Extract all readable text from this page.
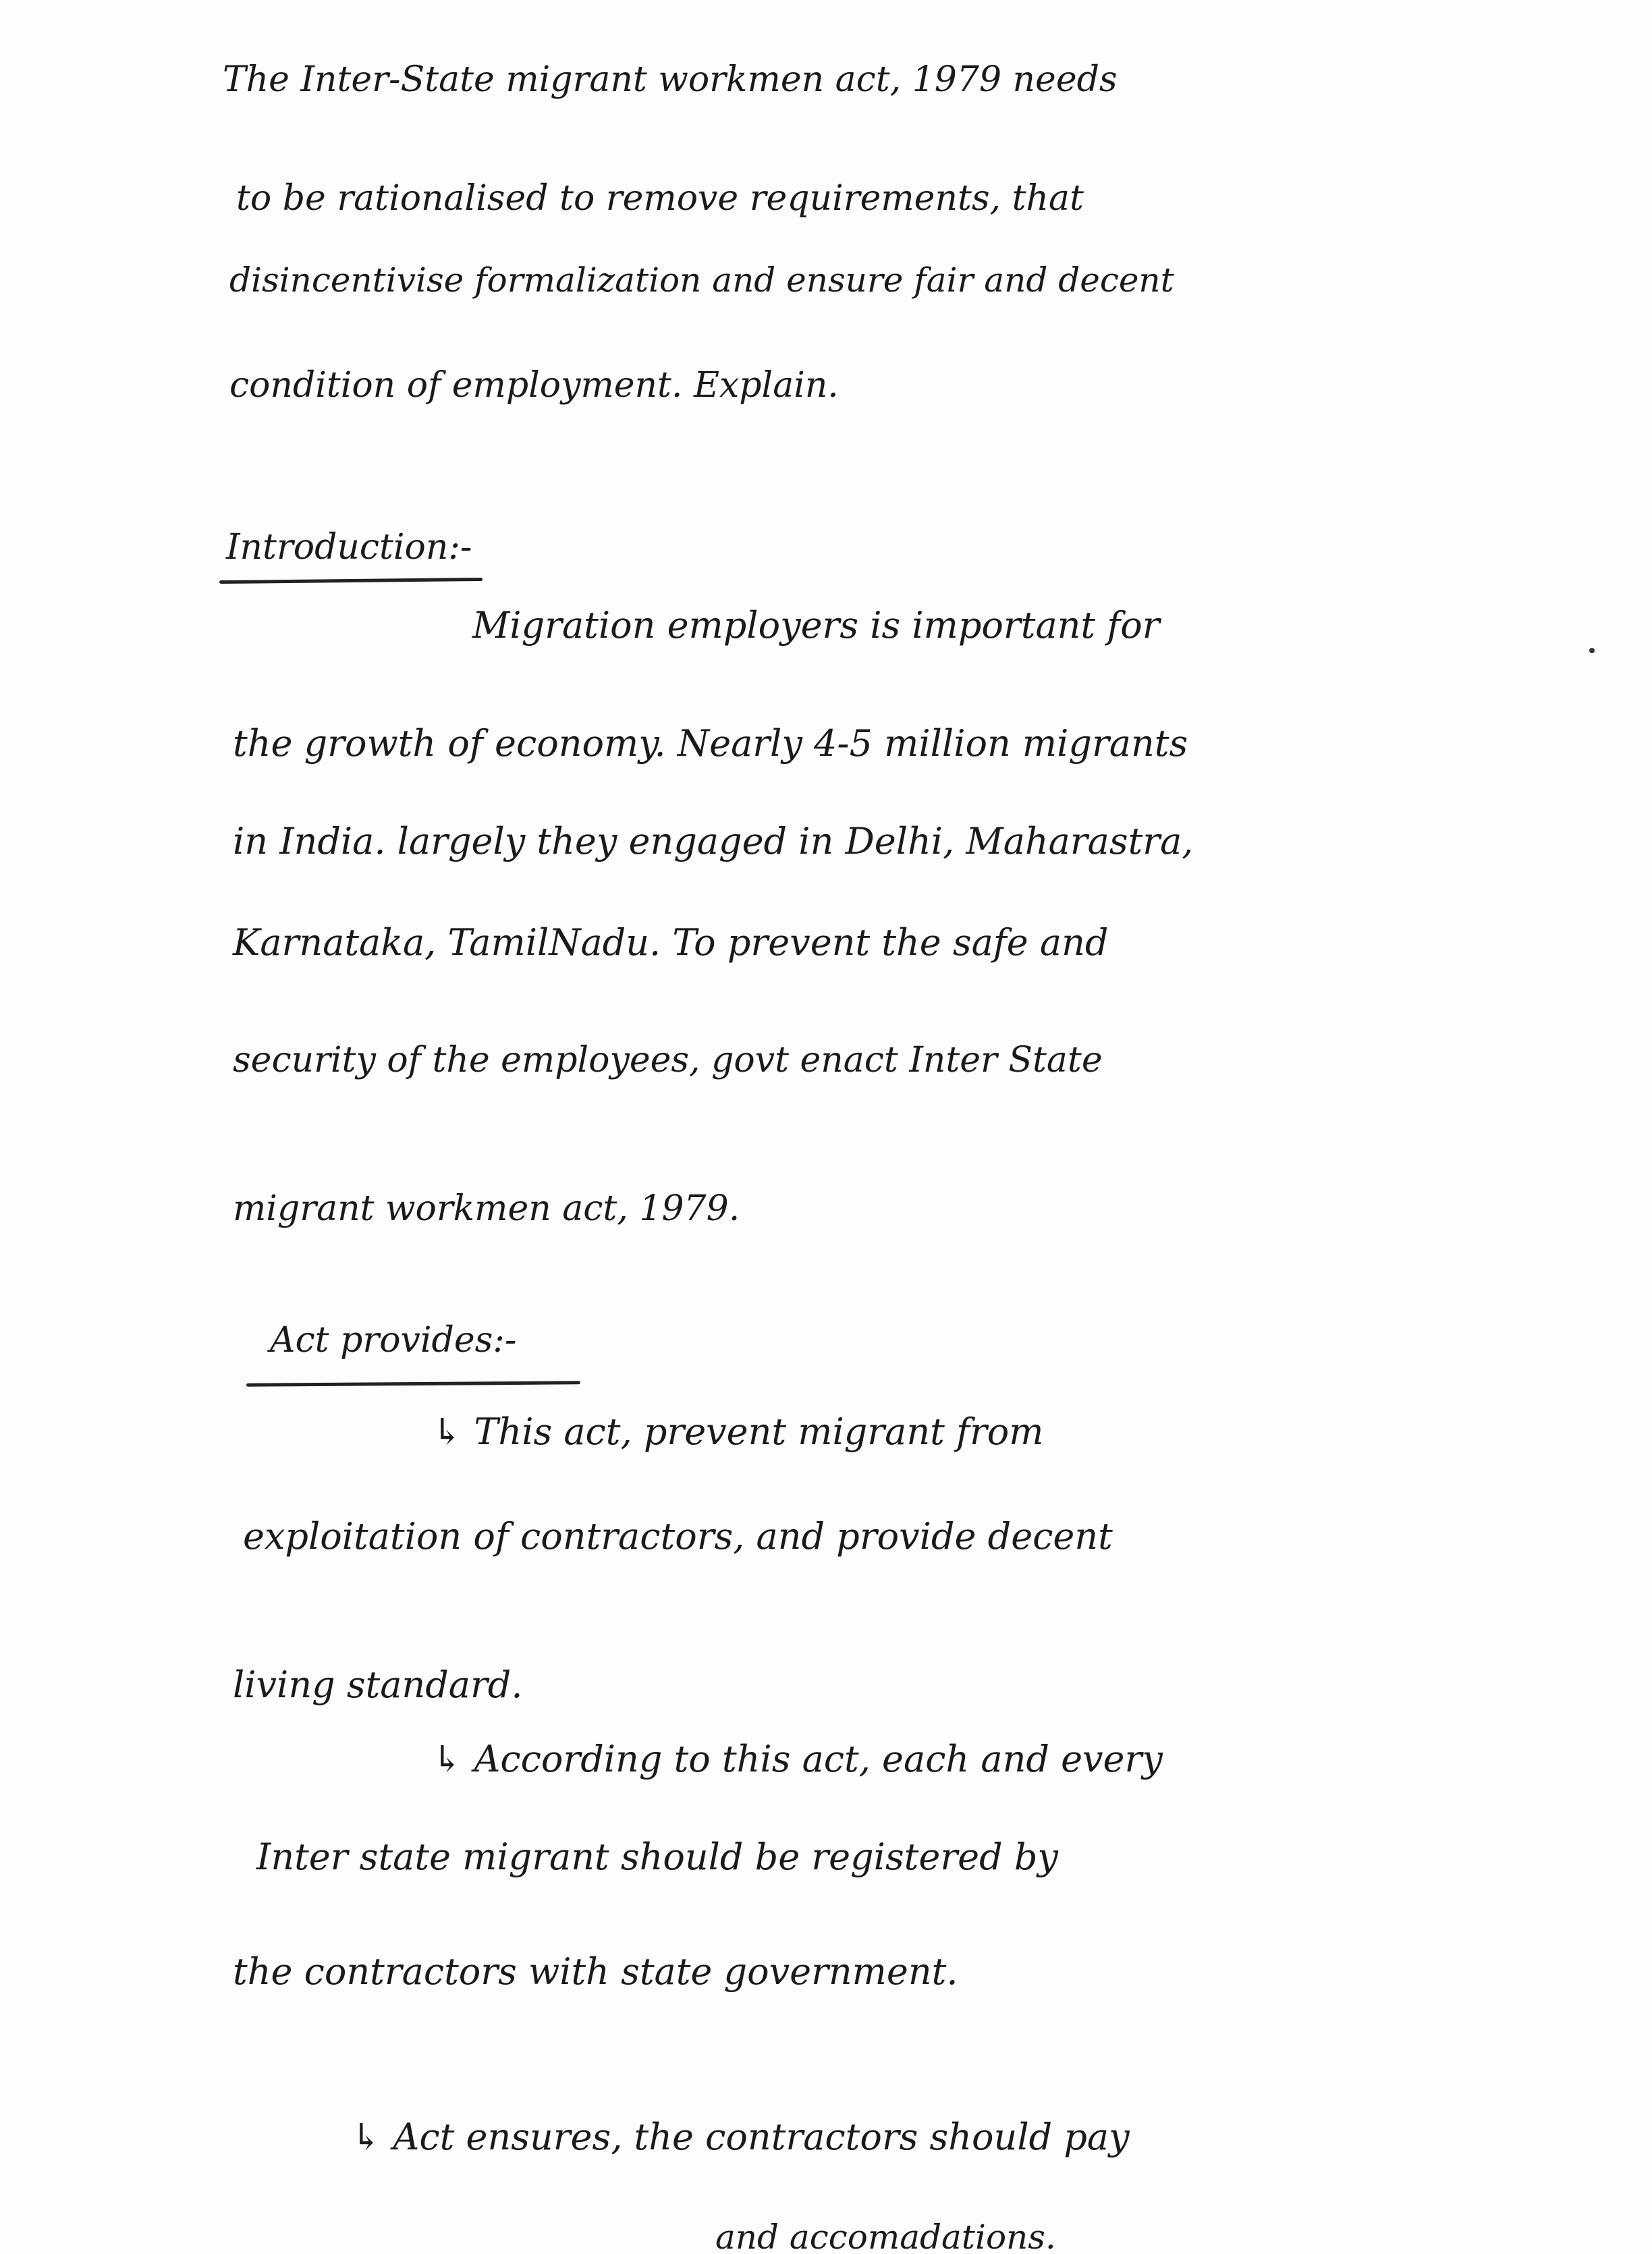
The Inter-State migrant workmen act, 1979 needs
to be rationalised to remove requirements, that
disincentivise formalization and ensure fair and decent
condition of employment. Explain.
Introduction:-
Migration employers is important for
the growth of economy. Nearly 4-5 million migrants
in India. largely they engaged in Delhi, Maharastra,
Karnataka, TamilNadu. To prevent the safe and
security of the employees, govt enact Inter State
migrant workmen act, 1979.
Act provides:-
↳ This act, prevent migrant from
exploitation of contractors, and provide decent
living standard.
↳ According to this act, each and every
Inter state migrant should be registered by
the contractors with state government.
↳ Act ensures, the contractors should pay
and accomadations.
